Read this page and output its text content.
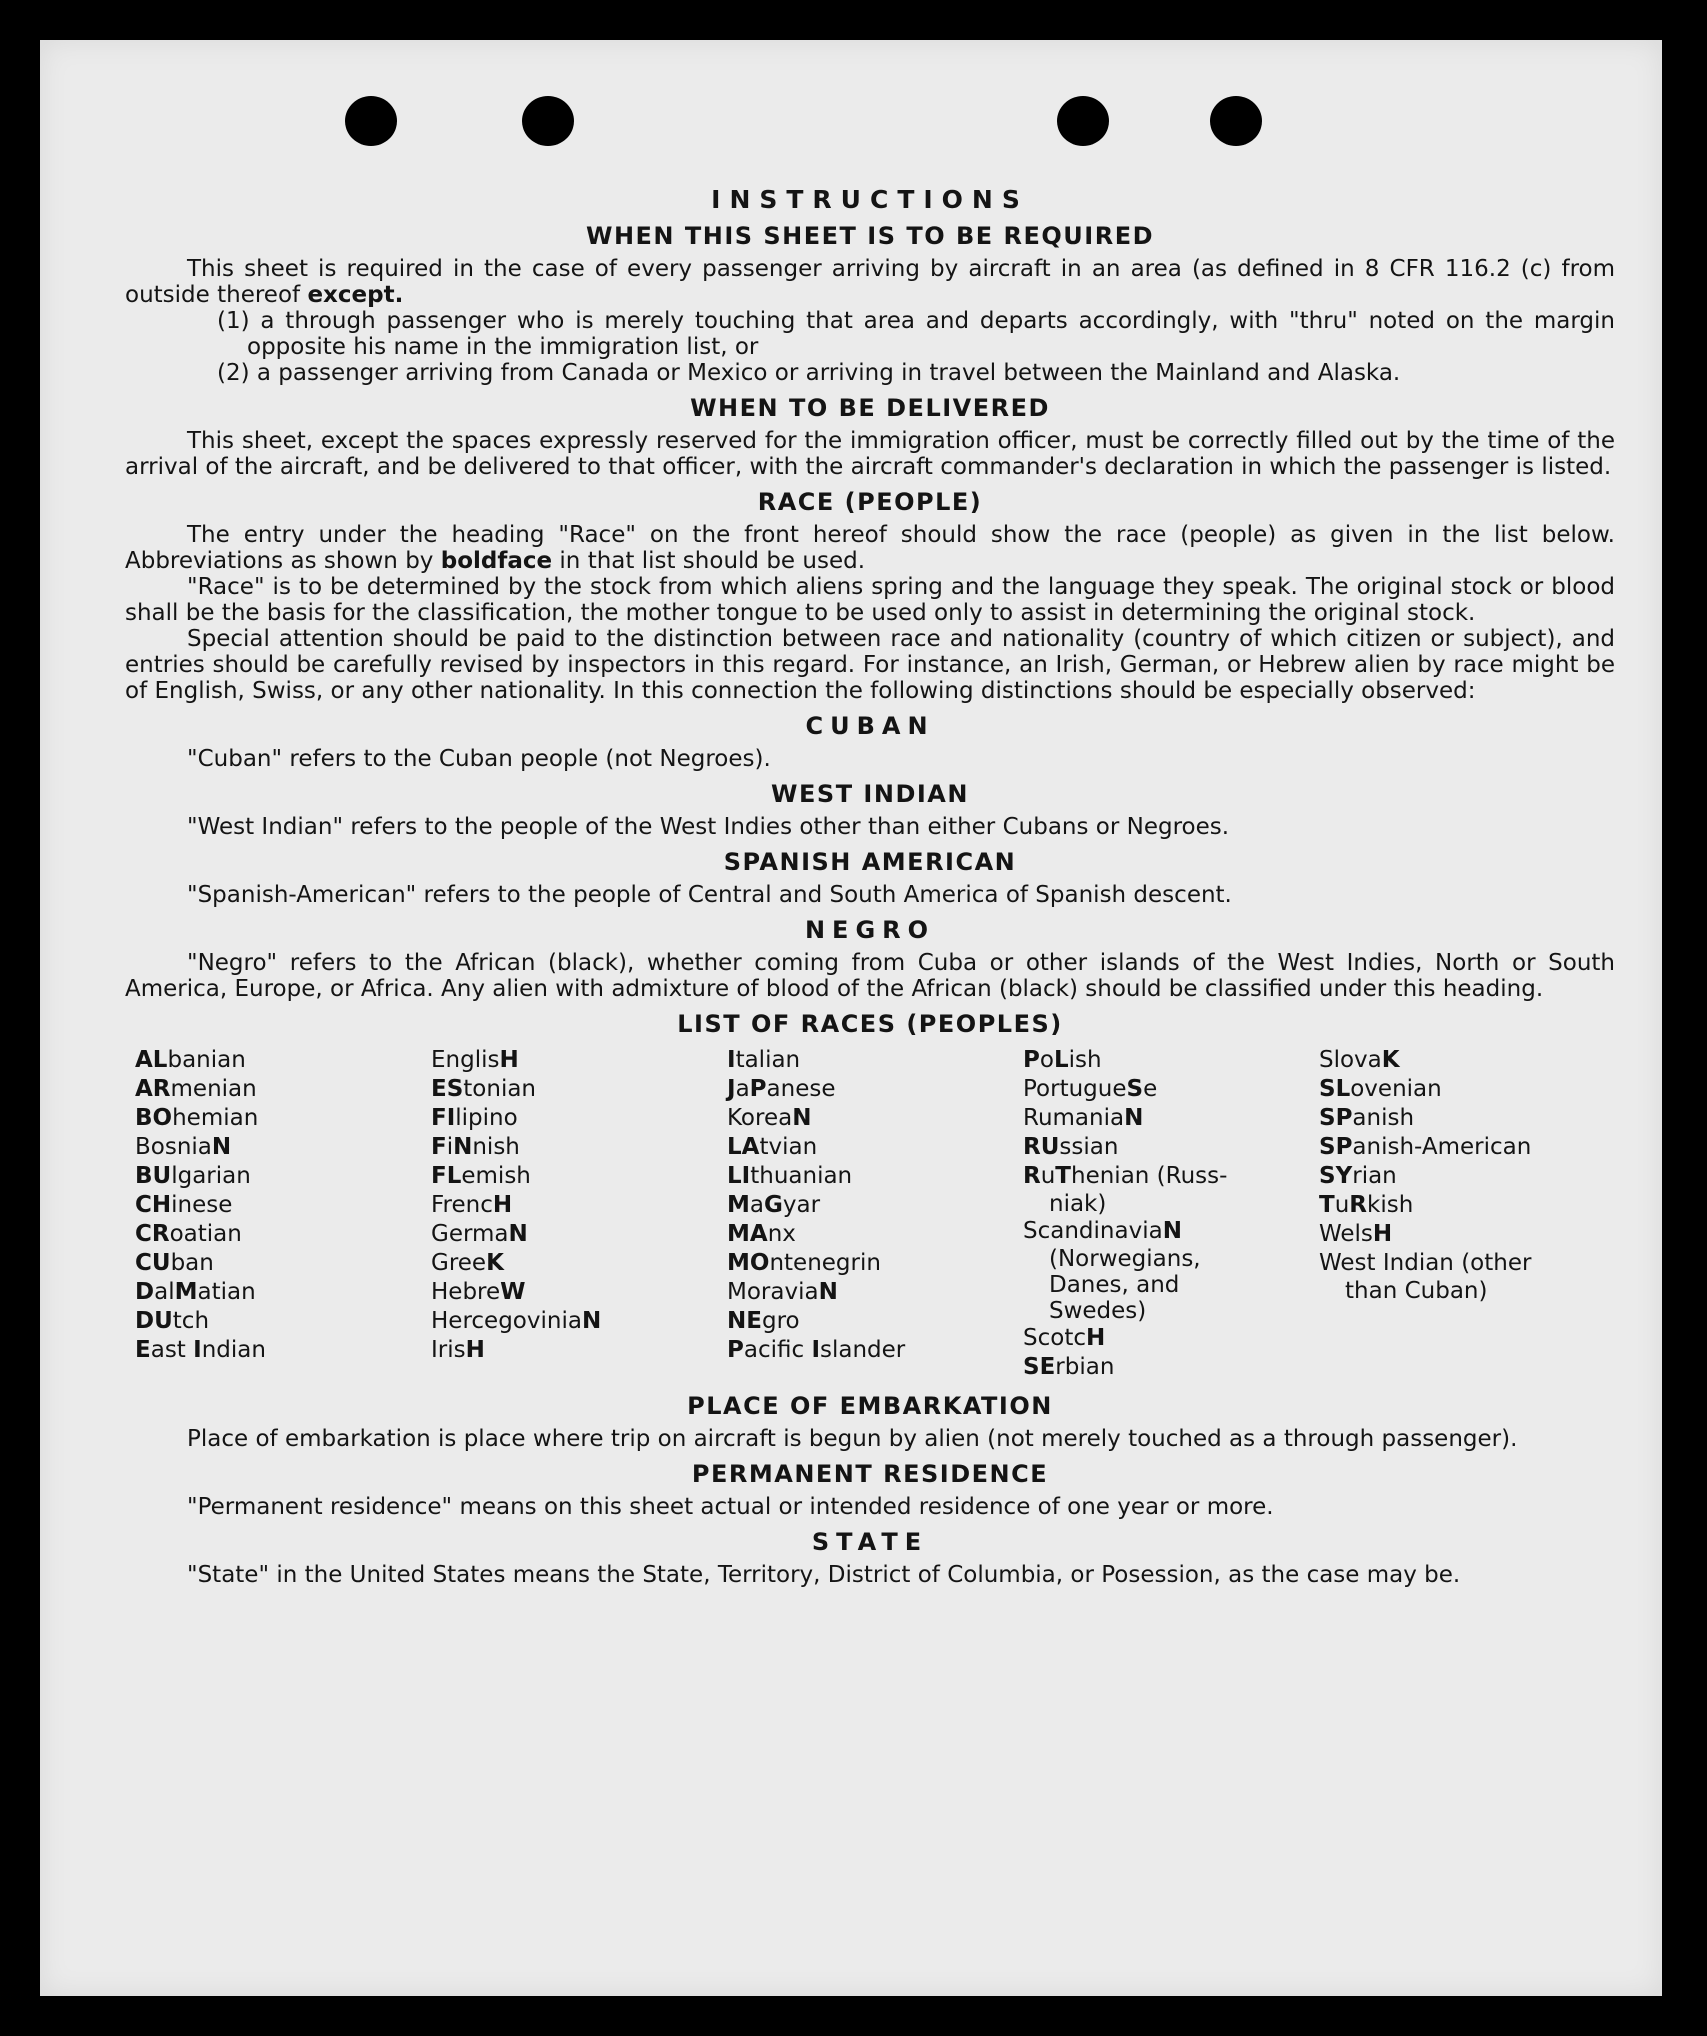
INSTRUCTIONS
WHEN THIS SHEET IS TO BE REQUIRED

This sheet is required in the case of every passenger arriving by aircraft in an area (as defined in 8 CFR 116.2 (c) from outside thereof except.

(1) a through passenger who is merely touching that area and departs accordingly, with "thru" noted on the margin opposite his name in the immigration list, or

(2) a passenger arriving from Canada or Mexico or arriving in travel between the Mainland and Alaska.

WHEN TO BE DELIVERED

This sheet, except the spaces expressly reserved for the immigration officer, must be correctly filled out by the time of the arrival of the aircraft, and be delivered to that officer, with the aircraft commander's declaration in which the passenger is listed.

RACE (PEOPLE)

The entry under the heading "Race" on the front hereof should show the race (people) as given in the list below. Abbreviations as shown by boldface in that list should be used.

"Race" is to be determined by the stock from which aliens spring and the language they speak. The original stock or blood shall be the basis for the classification, the mother tongue to be used only to assist in determining the original stock.

Special attention should be paid to the distinction between race and nationality (country of which citizen or subject), and entries should be carefully revised by inspectors in this regard. For instance, an Irish, German, or Hebrew alien by race might be of English, Swiss, or any other nationality. In this connection the following distinctions should be especially observed:

CUBAN

"Cuban" refers to the Cuban people (not Negroes).

WEST INDIAN

"West Indian" refers to the people of the West Indies other than either Cubans or Negroes.

SPANISH AMERICAN

"Spanish-American" refers to the people of Central and South America of Spanish descent.

NEGRO

"Negro" refers to the African (black), whether coming from Cuba or other islands of the West Indies, North or South America, Europe, or Africa. Any alien with admixture of blood of the African (black) should be classified under this heading.

LIST OF RACES (PEOPLES)
ALbanian
ARmenian
BOhemian
BosniaN
BUlgarian
CHinese
CRoatian
CUban
DalMatian
DUtch
East Indian
EnglisH
EStonian
FIlipino
FiNnish
FLemish
FrencH
GermaN
GreeK
HebreW
HercegoviniaN
IrisH
Italian
JaPanese
KoreaN
LAtvian
LIthuanian
MaGyar
MAnx
MOntenegrin
MoraviaN
NEgro
Pacific Islander
PoLish
PortugueSe
RumaniaN
RUssian
RuThenian (Russ-
niak)
ScandinaviaN
(Norwegians,
Danes, and
Swedes)
ScotcH
SErbian
SlovaK
SLovenian
SPanish
SPanish-American
SYrian
TuRkish
WelsH
West Indian (other
than Cuban)
PLACE OF EMBARKATION

Place of embarkation is place where trip on aircraft is begun by alien (not merely touched as a through passenger).

PERMANENT RESIDENCE

"Permanent residence" means on this sheet actual or intended residence of one year or more.

STATE

"State" in the United States means the State, Territory, District of Columbia, or Posession, as the case may be.
